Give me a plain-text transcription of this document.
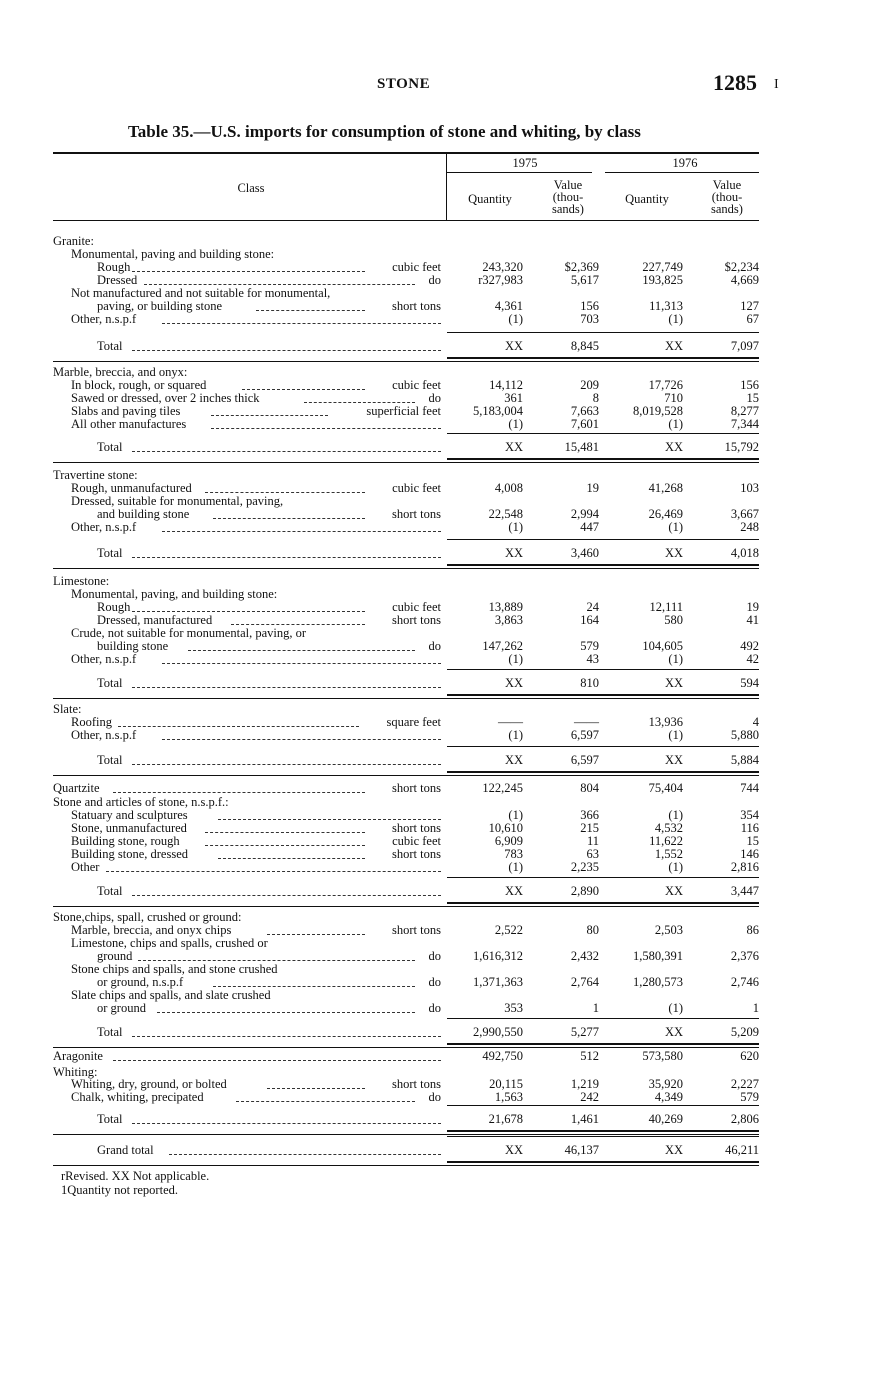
STONE	1285 I
Table 35.—U.S. imports for consumption of stone and whiting, by class
Class
1975	1976
Quantity
Value
(thou-
sands)
Quantity
Value
(thou-
sands)
Granite:
Monumental, paving and building stone:
Rough	cubic feet	243,320	$2,369	227,749	$2,234
Dressed	do	r327,983	5,617	193,825	4,669
Not manufactured and not suitable for monumental,
paving, or building stone	short tons	4,361	156	11,313	127
Other, n.s.p.f	(1)	703	(1)	67
Total	XX	8,845	XX	7,097
Marble, breccia, and onyx:
In block, rough, or squared	cubic feet	14,112	209	17,726	156
Sawed or dressed, over 2 inches thick	do	361	8	710	15
Slabs and paving tiles	superficial feet	5,183,004	7,663	8,019,528	8,277
All other manufactures	(1)	7,601	(1)	7,344
Total	XX	15,481	XX	15,792
Travertine stone:
Rough, unmanufactured	cubic feet	4,008	19	41,268	103
Dressed, suitable for monumental, paving,
and building stone	short tons	22,548	2,994	26,469	3,667
Other, n.s.p.f	(1)	447	(1)	248
Total	XX	3,460	XX	4,018
Limestone:
Monumental, paving, and building stone:
Rough	cubic feet	13,889	24	12,111	19
Dressed, manufactured	short tons	3,863	164	580	41
Crude, not suitable for monumental, paving, or
building stone	do	147,262	579	104,605	492
Other, n.s.p.f	(1)	43	(1)	42
Total	XX	810	XX	594
Slate:
Roofing	square feet	——	——	13,936	4
Other, n.s.p.f	(1)	6,597	(1)	5,880
Total	XX	6,597	XX	5,884
Quartzite	short tons	122,245	804	75,404	744
Stone and articles of stone, n.s.p.f.:
Statuary and sculptures	(1)	366	(1)	354
Stone, unmanufactured	short tons	10,610	215	4,532	116
Building stone, rough	cubic feet	6,909	11	11,622	15
Building stone, dressed	short tons	783	63	1,552	146
Other	(1)	2,235	(1)	2,816
Total	XX	2,890	XX	3,447
Stone,chips, spall, crushed or ground:
Marble, breccia, and onyx chips	short tons	2,522	80	2,503	86
Limestone, chips and spalls, crushed or
ground	do	1,616,312	2,432	1,580,391	2,376
Stone chips and spalls, and stone crushed
or ground, n.s.p.f	do	1,371,363	2,764	1,280,573	2,746
Slate chips and spalls, and slate crushed
or ground	do	353	1	(1)	1
Total	2,990,550	5,277	XX	5,209
Aragonite	492,750	512	573,580	620
Whiting:
Whiting, dry, ground, or bolted	short tons	20,115	1,219	35,920	2,227
Chalk, whiting, precipated	do	1,563	242	4,349	579
Total	21,678	1,461	40,269	2,806
Grand total	XX	46,137	XX	46,211
rRevised. XX Not applicable.
1Quantity not reported.
